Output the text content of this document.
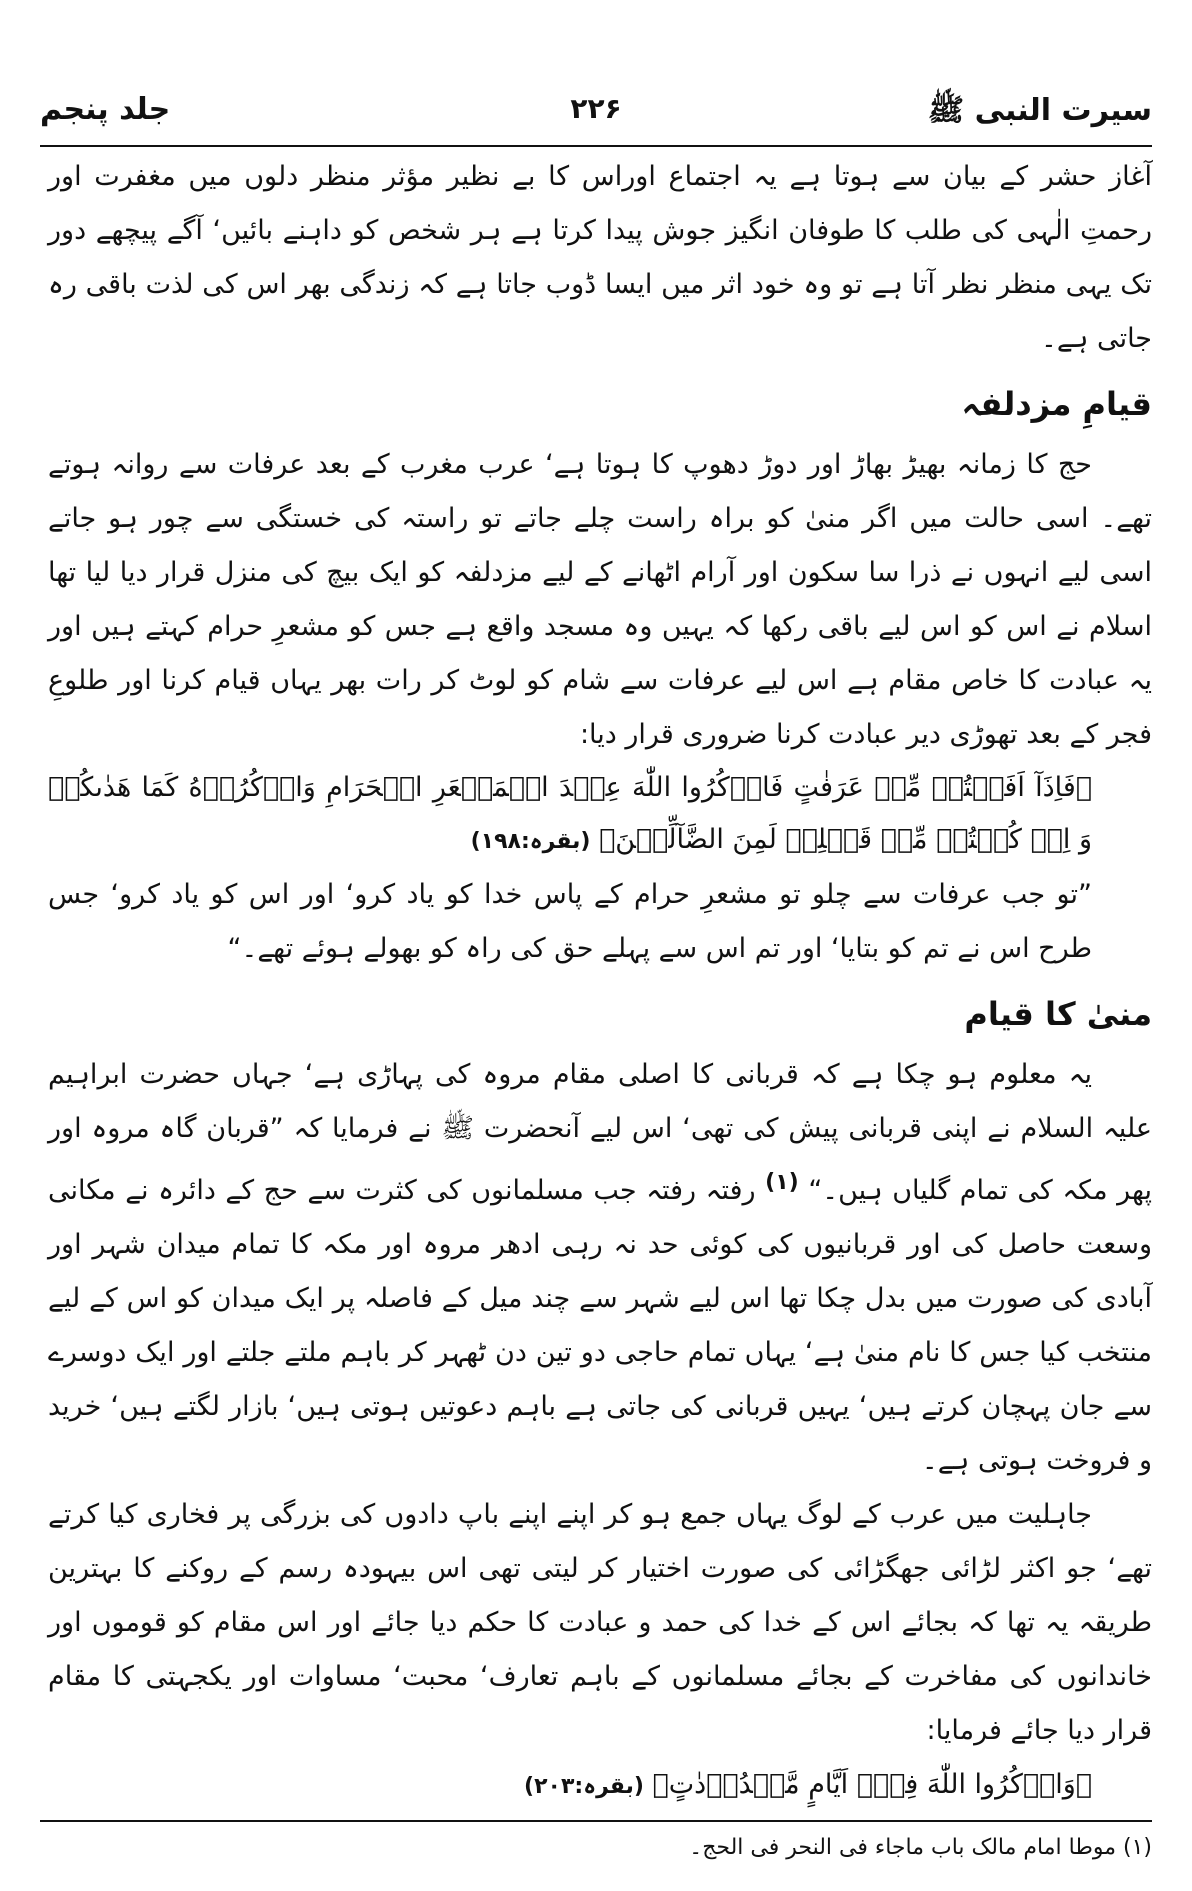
سیرت النبی ﷺ
۲۲۶
جلد پنجم

آغاز حشر کے بیان سے ہوتا ہے یہ اجتماع اوراس کا بے نظیر مؤثر منظر دلوں میں مغفرت اور رحمتِ الٰہی کی طلب کا طوفان انگیز جوش پیدا کرتا ہے ہر شخص کو داہنے بائیں‘ آگے پیچھے دور تک یہی منظر نظر آتا ہے تو وہ خود اثر میں ایسا ڈوب جاتا ہے کہ زندگی بھر اس کی لذت باقی رہ جاتی ہے۔

قیامِ مزدلفہ

حج کا زمانہ بھیڑ بھاڑ اور دوڑ دھوپ کا ہوتا ہے‘ عرب مغرب کے بعد عرفات سے روانہ ہوتے تھے۔ اسی حالت میں اگر منیٰ کو براہ راست چلے جاتے تو راستہ کی خستگی سے چور ہو جاتے اسی لیے انہوں نے ذرا سا سکون اور آرام اٹھانے کے لیے مزدلفہ کو ایک بیچ کی منزل قرار دیا لیا تھا اسلام نے اس کو اس لیے باقی رکھا کہ یہیں وہ مسجد واقع ہے جس کو مشعرِ حرام کہتے ہیں اور یہ عبادت کا خاص مقام ہے اس لیے عرفات سے شام کو لوٹ کر رات بھر یہاں قیام کرنا اور طلوعِ فجر کے بعد تھوڑی دیر عبادت کرنا ضروری قرار دیا:

﴿فَاِذَآ اَفَضۡتُمۡ مِّنۡ عَرَفٰتٍ فَاذۡكُرُوا اللّٰهَ عِنۡدَ الۡمَشۡعَرِ الۡحَرَامِ وَاذۡكُرُوۡهُ كَمَا هَدٰىكُمۡ وَ اِنۡ كُنۡتُمۡ مِّنۡ قَبۡلِهٖ لَمِنَ الضَّآلِّيۡنَ﴾ (بقرہ:۱۹۸)

”تو جب عرفات سے چلو تو مشعرِ حرام کے پاس خدا کو یاد کرو‘ اور اس کو یاد کرو‘ جس طرح اس نے تم کو بتایا‘ اور تم اس سے پہلے حق کی راہ کو بھولے ہوئے تھے۔“

منیٰ کا قیام

یہ معلوم ہو چکا ہے کہ قربانی کا اصلی مقام مروہ کی پہاڑی ہے‘ جہاں حضرت ابراہیم علیہ السلام نے اپنی قربانی پیش کی تھی‘ اس لیے آنحضرت ﷺ نے فرمایا کہ ”قربان گاہ مروہ اور پھر مکہ کی تمام گلیاں ہیں۔“ $^{(۱)}$ رفتہ رفتہ جب مسلمانوں کی کثرت سے حج کے دائرہ نے مکانی وسعت حاصل کی اور قربانیوں کی کوئی حد نہ رہی ادھر مروہ اور مکہ کا تمام میدان شہر اور آبادی کی صورت میں بدل چکا تھا اس لیے شہر سے چند میل کے فاصلہ پر ایک میدان کو اس کے لیے منتخب کیا جس کا نام منیٰ ہے‘ یہاں تمام حاجی دو تین دن ٹھہر کر باہم ملتے جلتے اور ایک دوسرے سے جان پہچان کرتے ہیں‘ یہیں قربانی کی جاتی ہے باہم دعوتیں ہوتی ہیں‘ بازار لگتے ہیں‘ خرید و فروخت ہوتی ہے۔

جاہلیت میں عرب کے لوگ یہاں جمع ہو کر اپنے اپنے باپ دادوں کی بزرگی پر فخاری کیا کرتے تھے‘ جو اکثر لڑائی جھگڑائی کی صورت اختیار کر لیتی تھی اس بیہودہ رسم کے روکنے کا بہترین طریقہ یہ تھا کہ بجائے اس کے خدا کی حمد و عبادت کا حکم دیا جائے اور اس مقام کو قوموں اور خاندانوں کی مفاخرت کے بجائے مسلمانوں کے باہم تعارف‘ محبت‘ مساوات اور یکجہتی کا مقام قرار دیا جائے فرمایا:

﴿وَاذۡكُرُوا اللّٰهَ فِيۡۤ اَيَّامٍ مَّعۡدُوۡدٰتٍ﴾ (بقرہ:۲۰۳)

(۱) موطا امام مالک باب ماجاء فی النحر فی الحج۔
